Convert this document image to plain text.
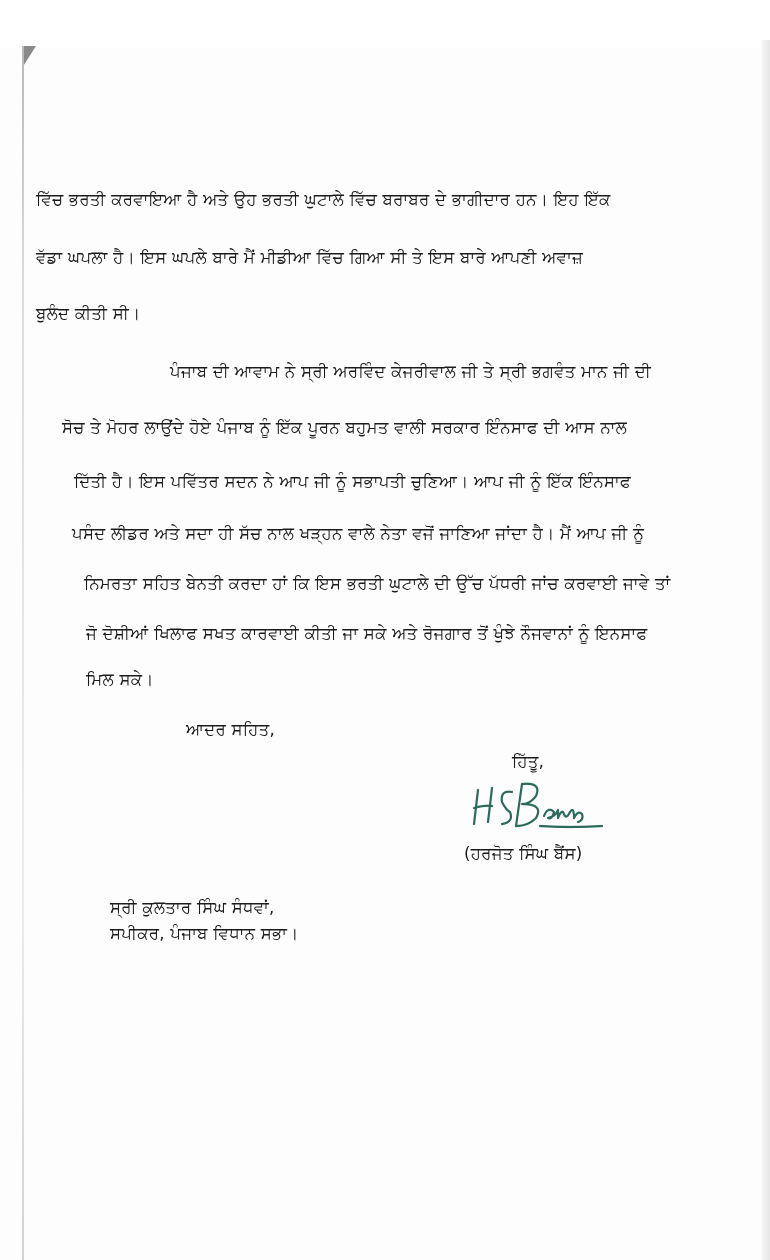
ਵਿੱਚ ਭਰਤੀ ਕਰਵਾਇਆ ਹੈ ਅਤੇ ਉਹ ਭਰਤੀ ਘੁਟਾਲੇ ਵਿੱਚ ਬਰਾਬਰ ਦੇ ਭਾਗੀਦਾਰ ਹਨ। ਇਹ ਇੱਕ
ਵੱਡਾ ਘਪਲਾ ਹੈ। ਇਸ ਘਪਲੇ ਬਾਰੇ ਮੈਂ ਮੀਡੀਆ ਵਿੱਚ ਗਿਆ ਸੀ ਤੇ ਇਸ ਬਾਰੇ ਆਪਣੀ ਅਵਾਜ਼
ਬੁਲੰਦ ਕੀਤੀ ਸੀ।
ਪੰਜਾਬ ਦੀ ਆਵਾਮ ਨੇ ਸ੍ਰੀ ਅਰਵਿੰਦ ਕੇਜਰੀਵਾਲ ਜੀ ਤੇ ਸ੍ਰੀ ਭਗਵੰਤ ਮਾਨ ਜੀ ਦੀ
ਸੋਚ ਤੇ ਮੋਹਰ ਲਾਉਂਦੇ ਹੋਏ ਪੰਜਾਬ ਨੂੰ ਇੱਕ ਪੂਰਨ ਬਹੁਮਤ ਵਾਲੀ ਸਰਕਾਰ ਇੰਨਸਾਫ ਦੀ ਆਸ ਨਾਲ
ਦਿੱਤੀ ਹੈ। ਇਸ ਪਵਿੱਤਰ ਸਦਨ ਨੇ ਆਪ ਜੀ ਨੂੰ ਸਭਾਪਤੀ ਚੁਣਿਆ। ਆਪ ਜੀ ਨੂੰ ਇੱਕ ਇੰਨਸਾਫ
ਪਸੰਦ ਲੀਡਰ ਅਤੇ ਸਦਾ ਹੀ ਸੱਚ ਨਾਲ ਖੜ੍ਹਨ ਵਾਲੇ ਨੇਤਾ ਵਜੋਂ ਜਾਣਿਆ ਜਾਂਦਾ ਹੈ। ਮੈਂ ਆਪ ਜੀ ਨੂੰ
ਨਿਮਰਤਾ ਸਹਿਤ ਬੇਨਤੀ ਕਰਦਾ ਹਾਂ ਕਿ ਇਸ ਭਰਤੀ ਘੁਟਾਲੇ ਦੀ ਉੱਚ ਪੱਧਰੀ ਜਾਂਚ ਕਰਵਾਈ ਜਾਵੇ ਤਾਂ
ਜੋ ਦੋਸ਼ੀਆਂ ਖਿਲਾਫ ਸਖਤ ਕਾਰਵਾਈ ਕੀਤੀ ਜਾ ਸਕੇ ਅਤੇ ਰੋਜਗਾਰ ਤੋਂ ਖੁੰਝੇ ਨੌਜਵਾਨਾਂ ਨੂੰ ਇਨਸਾਫ
ਮਿਲ ਸਕੇ।
ਆਦਰ ਸਹਿਤ,
ਹਿੱਤੂ,
(ਹਰਜੋਤ ਸਿੰਘ ਬੈਂਸ)
ਸ੍ਰੀ ਕੁਲਤਾਰ ਸਿੰਘ ਸੰਧਵਾਂ,
ਸਪੀਕਰ, ਪੰਜਾਬ ਵਿਧਾਨ ਸਭਾ।
